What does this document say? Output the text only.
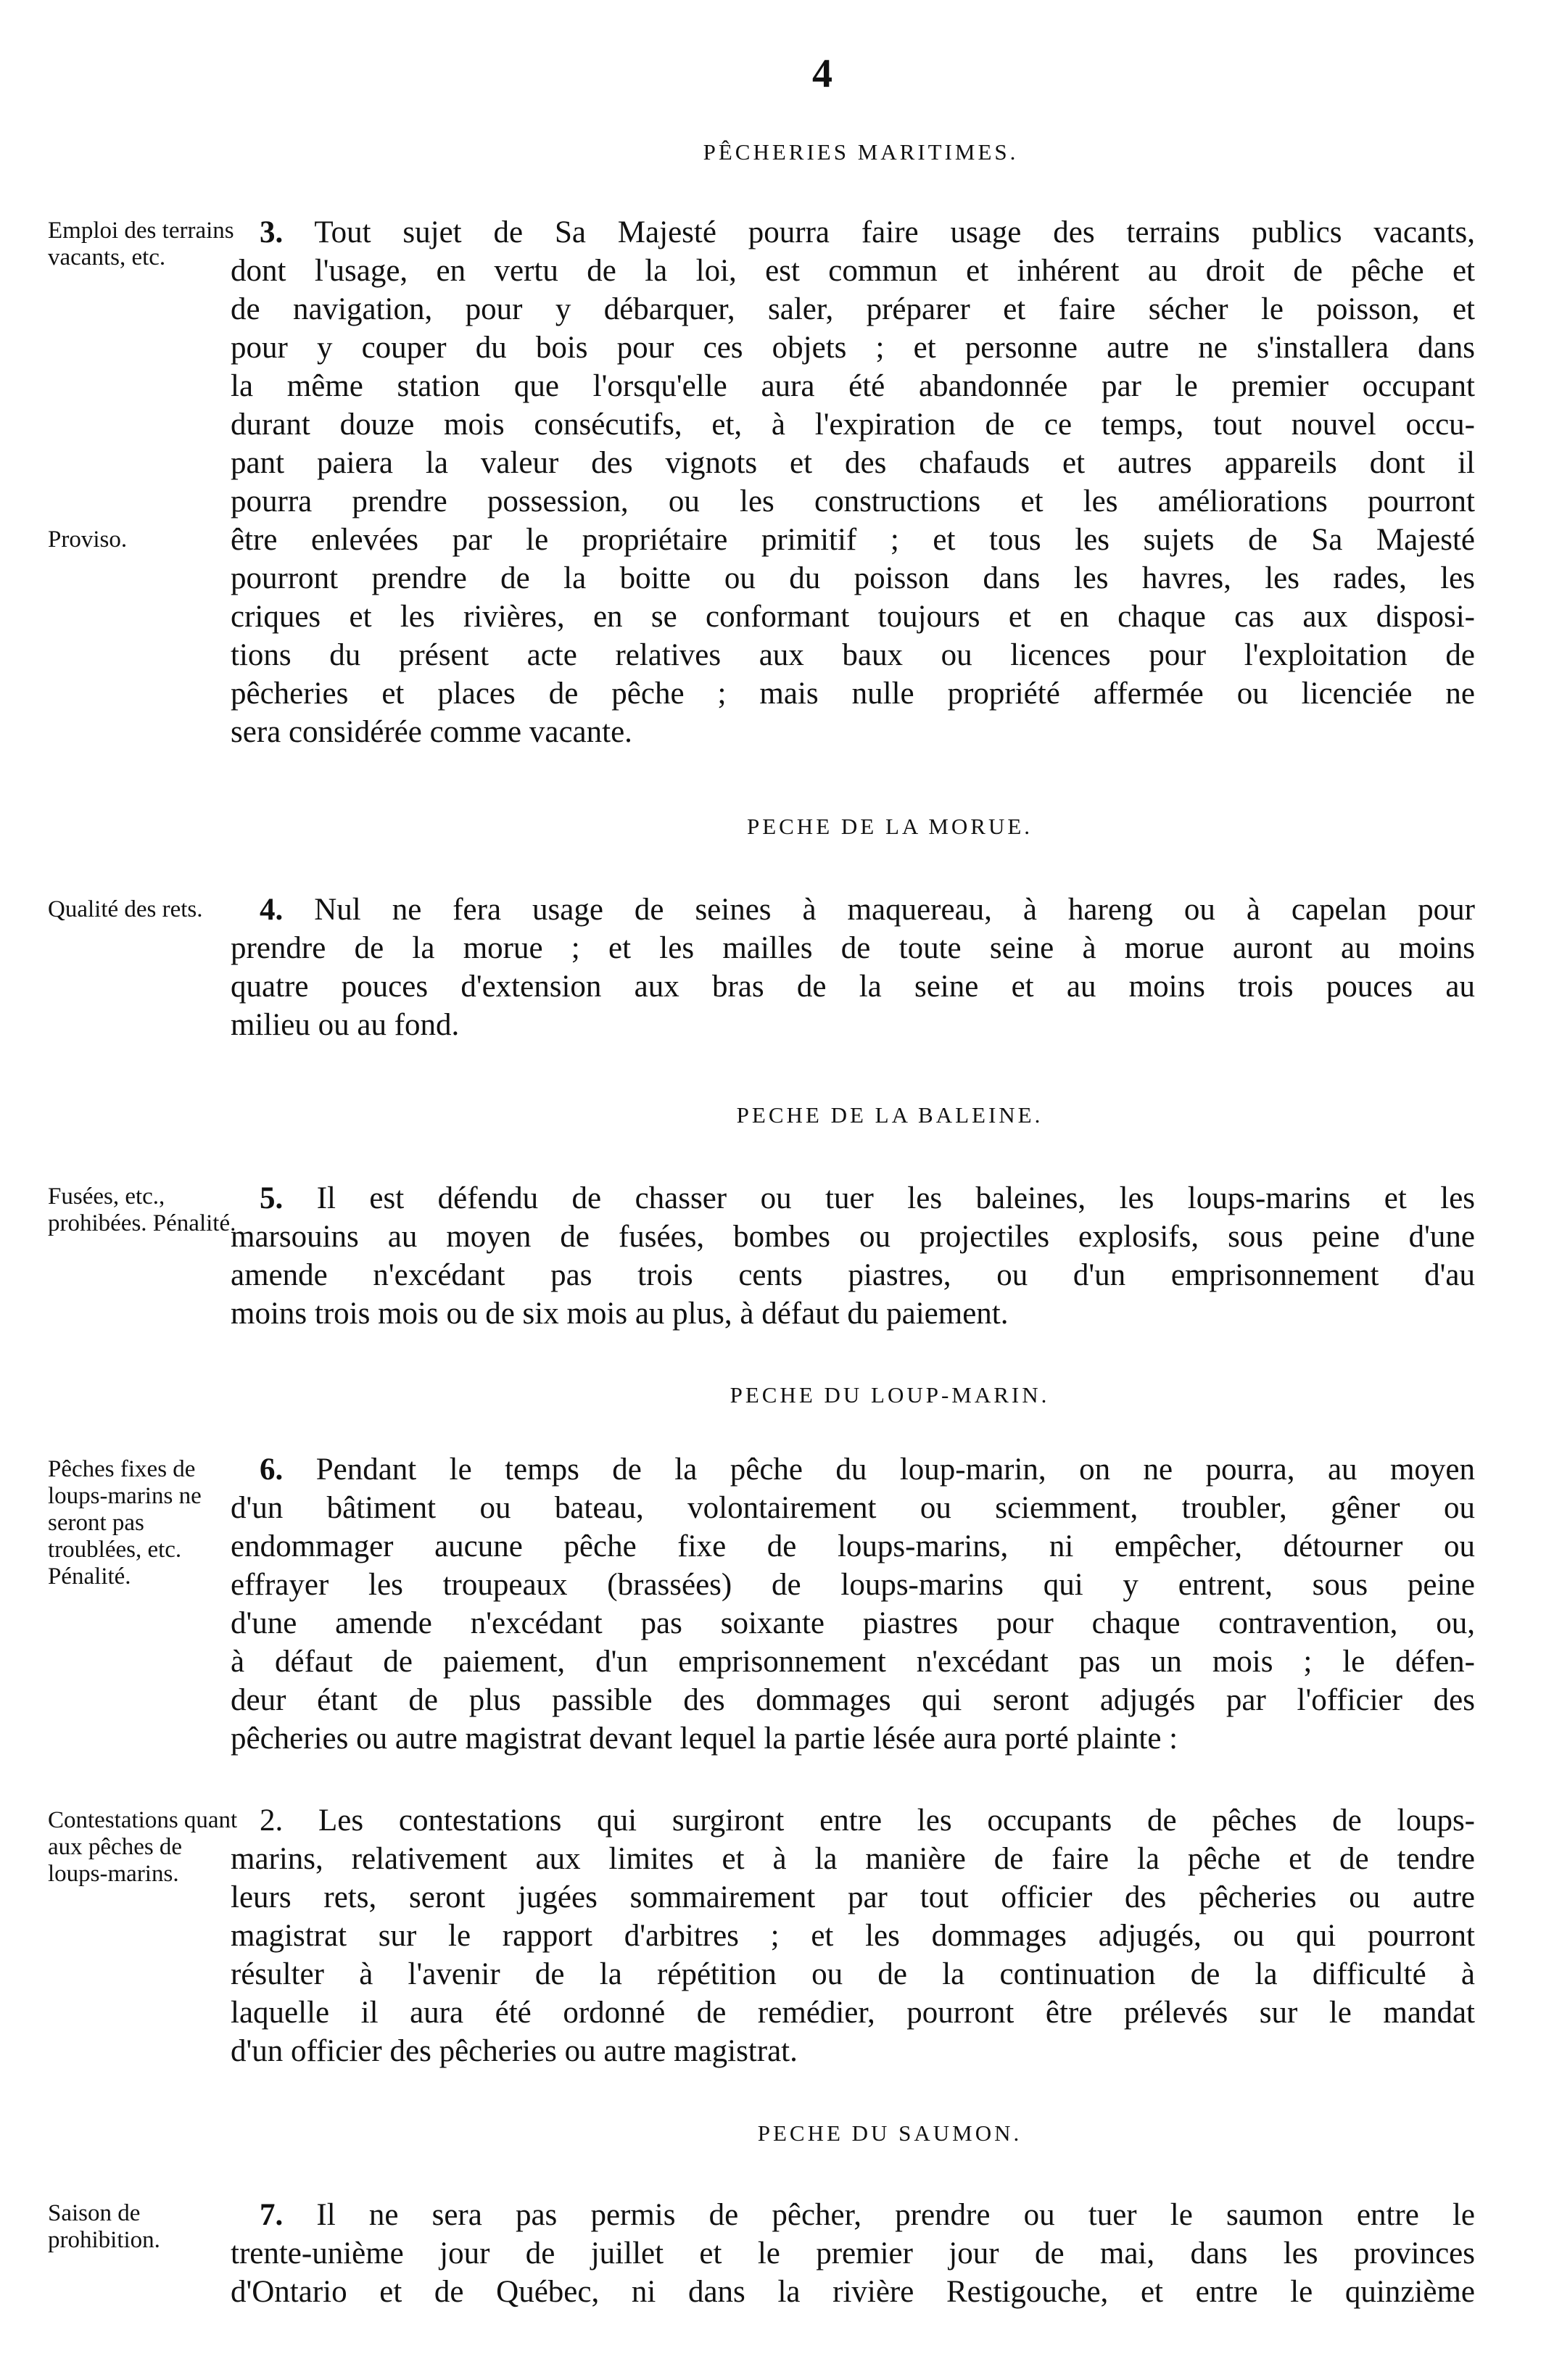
4
PÊCHERIES MARITIMES.
Emploi des terrains vacants, etc.
Proviso.
3. Tout sujet de Sa Majesté pourra faire usage des terrains publics vacants,
dont l'usage, en vertu de la loi, est commun et inhérent au droit de pêche et
de navigation, pour y débarquer, saler, préparer et faire sécher le poisson, et
pour y couper du bois pour ces objets ; et personne autre ne s'installera dans
la même station que l'orsqu'elle aura été abandonnée par le premier occupant
durant douze mois consécutifs, et, à l'expiration de ce temps, tout nouvel occu-
pant paiera la valeur des vignots et des chafauds et autres appareils dont il
pourra prendre possession, ou les constructions et les améliorations pourront
être enlevées par le propriétaire primitif ; et tous les sujets de Sa Majesté
pourront prendre de la boitte ou du poisson dans les havres, les rades, les
criques et les rivières, en se conformant toujours et en chaque cas aux disposi-
tions du présent acte relatives aux baux ou licences pour l'exploitation de
pêcheries et places de pêche ; mais nulle propriété affermée ou licenciée ne
sera considérée comme vacante.
PECHE DE LA MORUE.
Qualité des rets.	4. Nul ne fera usage de seines à maquereau, à hareng ou à capelan pour
prendre de la morue ; et les mailles de toute seine à morue auront au moins
quatre pouces d'extension aux bras de la seine et au moins trois pouces au
milieu ou au fond.
PECHE DE LA BALEINE.
Fusées, etc., prohibées. Pénalité.
5. Il est défendu de chasser ou tuer les baleines, les loups-marins et les
marsouins au moyen de fusées, bombes ou projectiles explosifs, sous peine d'une
amende n'excédant pas trois cents piastres, ou d'un emprisonnement d'au
moins trois mois ou de six mois au plus, à défaut du paiement.
PECHE DU LOUP-MARIN.
Pêches fixes de loups-marins ne seront pas troublées, etc. Pénalité.
6. Pendant le temps de la pêche du loup-marin, on ne pourra, au moyen
d'un bâtiment ou bateau, volontairement ou sciemment, troubler, gêner ou
endommager aucune pêche fixe de loups-marins, ni empêcher, détourner ou
effrayer les troupeaux (brassées) de loups-marins qui y entrent, sous peine
d'une amende n'excédant pas soixante piastres pour chaque contravention, ou,
à défaut de paiement, d'un emprisonnement n'excédant pas un mois ; le défen-
deur étant de plus passible des dommages qui seront adjugés par l'officier des
pêcheries ou autre magistrat devant lequel la partie lésée aura porté plainte :
Contestations quant aux pêches de loups-marins.
2. Les contestations qui surgiront entre les occupants de pêches de loups-
marins, relativement aux limites et à la manière de faire la pêche et de tendre
leurs rets, seront jugées sommairement par tout officier des pêcheries ou autre
magistrat sur le rapport d'arbitres ; et les dommages adjugés, ou qui pourront
résulter à l'avenir de la répétition ou de la continuation de la difficulté à
laquelle il aura été ordonné de remédier, pourront être prélevés sur le mandat
d'un officier des pêcheries ou autre magistrat.
PECHE DU SAUMON.
Saison de prohibition.
7. Il ne sera pas permis de pêcher, prendre ou tuer le saumon entre le
trente-unième jour de juillet et le premier jour de mai, dans les provinces
d'Ontario et de Québec, ni dans la rivière Restigouche, et entre le quinzième
